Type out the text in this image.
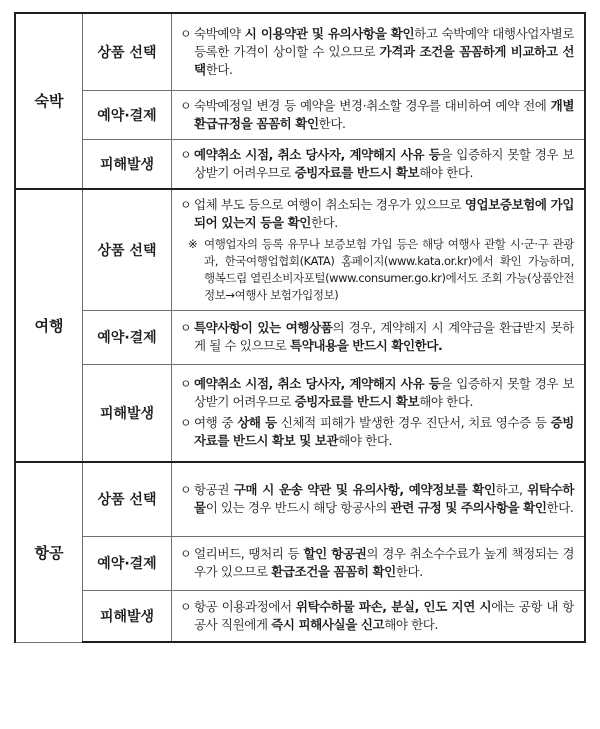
숙박	상품 선택	ㅇ 숙박예약 시 이용약관 및 유의사항을 확인하고 숙박예약 대행사업자별로 등록한 가격이 상이할 수 있으므로 가격과 조건을 꼼꼼하게 비교하고 선택한다.

	예약·결제	ㅇ 숙박예정일 변경 등 예약을 변경·취소할 경우를 대비하여 예약 전에 개별 환급규정을 꼼꼼히 확인한다.

	피해발생	ㅇ 예약취소 시점, 취소 당사자, 계약해지 사유 등을 입증하지 못할 경우 보상받기 어려우므로 증빙자료를 반드시 확보해야 한다.

여행	상품 선택	ㅇ 업체 부도 등으로 여행이 취소되는 경우가 있으므로 영업보증보험에 가입되어 있는지 등을 확인한다.
※ 여행업자의 등록 유무나 보증보험 가입 등은 해당 여행사 관할 시·군·구 관광과, 한국여행업협회(KATA) 홈페이지(www.kata.or.kr)에서 확인 가능하며, 행복드림 열린소비자포털(www.consumer.go.kr)에서도 조회 가능(상품안전정보→여행사 보험가입정보)

	예약·결제	ㅇ 특약사항이 있는 여행상품의 경우, 계약해지 시 계약금을 환급받지 못하게 될 수 있으므로 특약내용을 반드시 확인한다.

	피해발생	ㅇ 예약취소 시점, 취소 당사자, 계약해지 사유 등을 입증하지 못할 경우 보상받기 어려우므로 증빙자료를 반드시 확보해야 한다.
ㅇ 여행 중 상해 등 신체적 피해가 발생한 경우 진단서, 치료 영수증 등 증빙자료를 반드시 확보 및 보관해야 한다.

항공	상품 선택	ㅇ 항공권 구매 시 운송 약관 및 유의사항, 예약정보를 확인하고, 위탁수하물이 있는 경우 반드시 해당 항공사의 관련 규정 및 주의사항을 확인한다.

	예약·결제	ㅇ 얼리버드, 땡처리 등 할인 항공권의 경우 취소수수료가 높게 책정되는 경우가 있으므로 환급조건을 꼼꼼히 확인한다.

	피해발생	ㅇ 항공 이용과정에서 위탁수하물 파손, 분실, 인도 지연 시에는 공항 내 항공사 직원에게 즉시 피해사실을 신고해야 한다.
